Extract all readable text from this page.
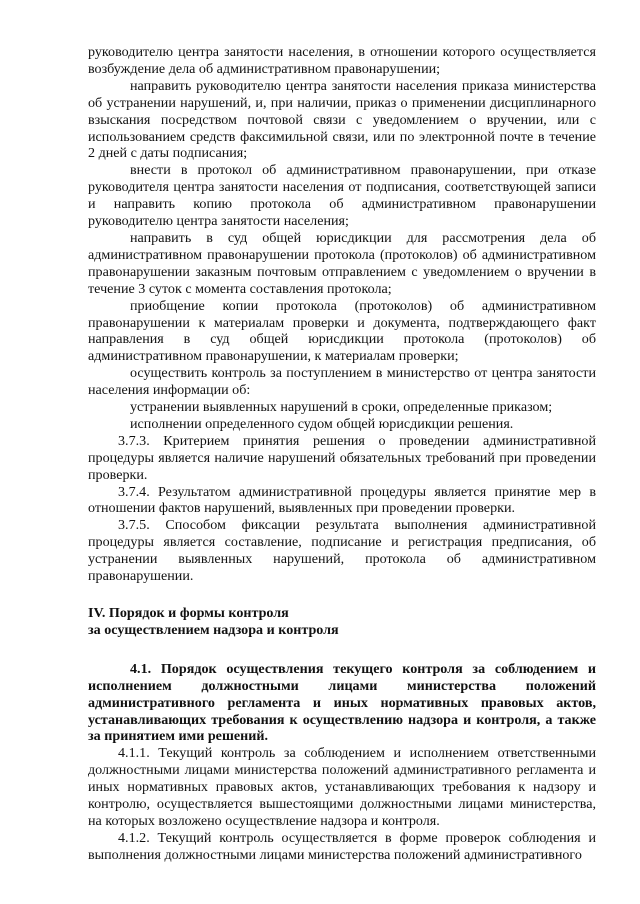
руководителю центра занятости населения, в отношении которого осуществляется возбуждение дела об административном правонарушении;

направить руководителю центра занятости населения приказа министерства об устранении нарушений, и, при наличии, приказ о применении дисциплинарного взыскания посредством почтовой связи с уведомлением о вручении, или с использованием средств факсимильной связи, или по электронной почте в течение 2 дней с даты подписания;

внести в протокол об административном правонарушении, при отказе руководителя центра занятости населения от подписания, соответствующей записи и направить копию протокола об административном правонарушении руководителю центра занятости населения;

направить в суд общей юрисдикции для рассмотрения дела об административном правонарушении протокола (протоколов) об административном правонарушении заказным почтовым отправлением с уведомлением о вручении в течение 3 суток с момента составления протокола;

приобщение копии протокола (протоколов) об административном правонарушении к материалам проверки и документа, подтверждающего факт направления в суд общей юрисдикции протокола (протоколов) об административном правонарушении, к материалам проверки;

осуществить контроль за поступлением в министерство от центра занятости населения информации об:

устранении выявленных нарушений в сроки, определенные приказом;

исполнении определенного судом общей юрисдикции решения.

3.7.3. Критерием принятия решения о проведении административной процедуры является наличие нарушений обязательных требований при проведении проверки.

3.7.4. Результатом административной процедуры является принятие мер в отношении фактов нарушений, выявленных при проведении проверки.

3.7.5. Способом фиксации результата выполнения административной процедуры является составление, подписание и регистрация предписания, об устранении выявленных нарушений, протокола об административном правонарушении.

IV. Порядок и формы контроля

за осуществлением надзора и контроля

4.1. Порядок осуществления текущего контроля за соблюдением и исполнением должностными лицами министерства положений административного регламента и иных нормативных правовых актов, устанавливающих требования к осуществлению надзора и контроля, а также за принятием ими решений.

4.1.1. Текущий контроль за соблюдением и исполнением ответственными должностными лицами министерства положений административного регламента и иных нормативных правовых актов, устанавливающих требования к надзору и контролю, осуществляется вышестоящими должностными лицами министерства, на которых возложено осуществление надзора и контроля.

4.1.2. Текущий контроль осуществляется в форме проверок соблюдения и выполнения должностными лицами министерства положений административного
